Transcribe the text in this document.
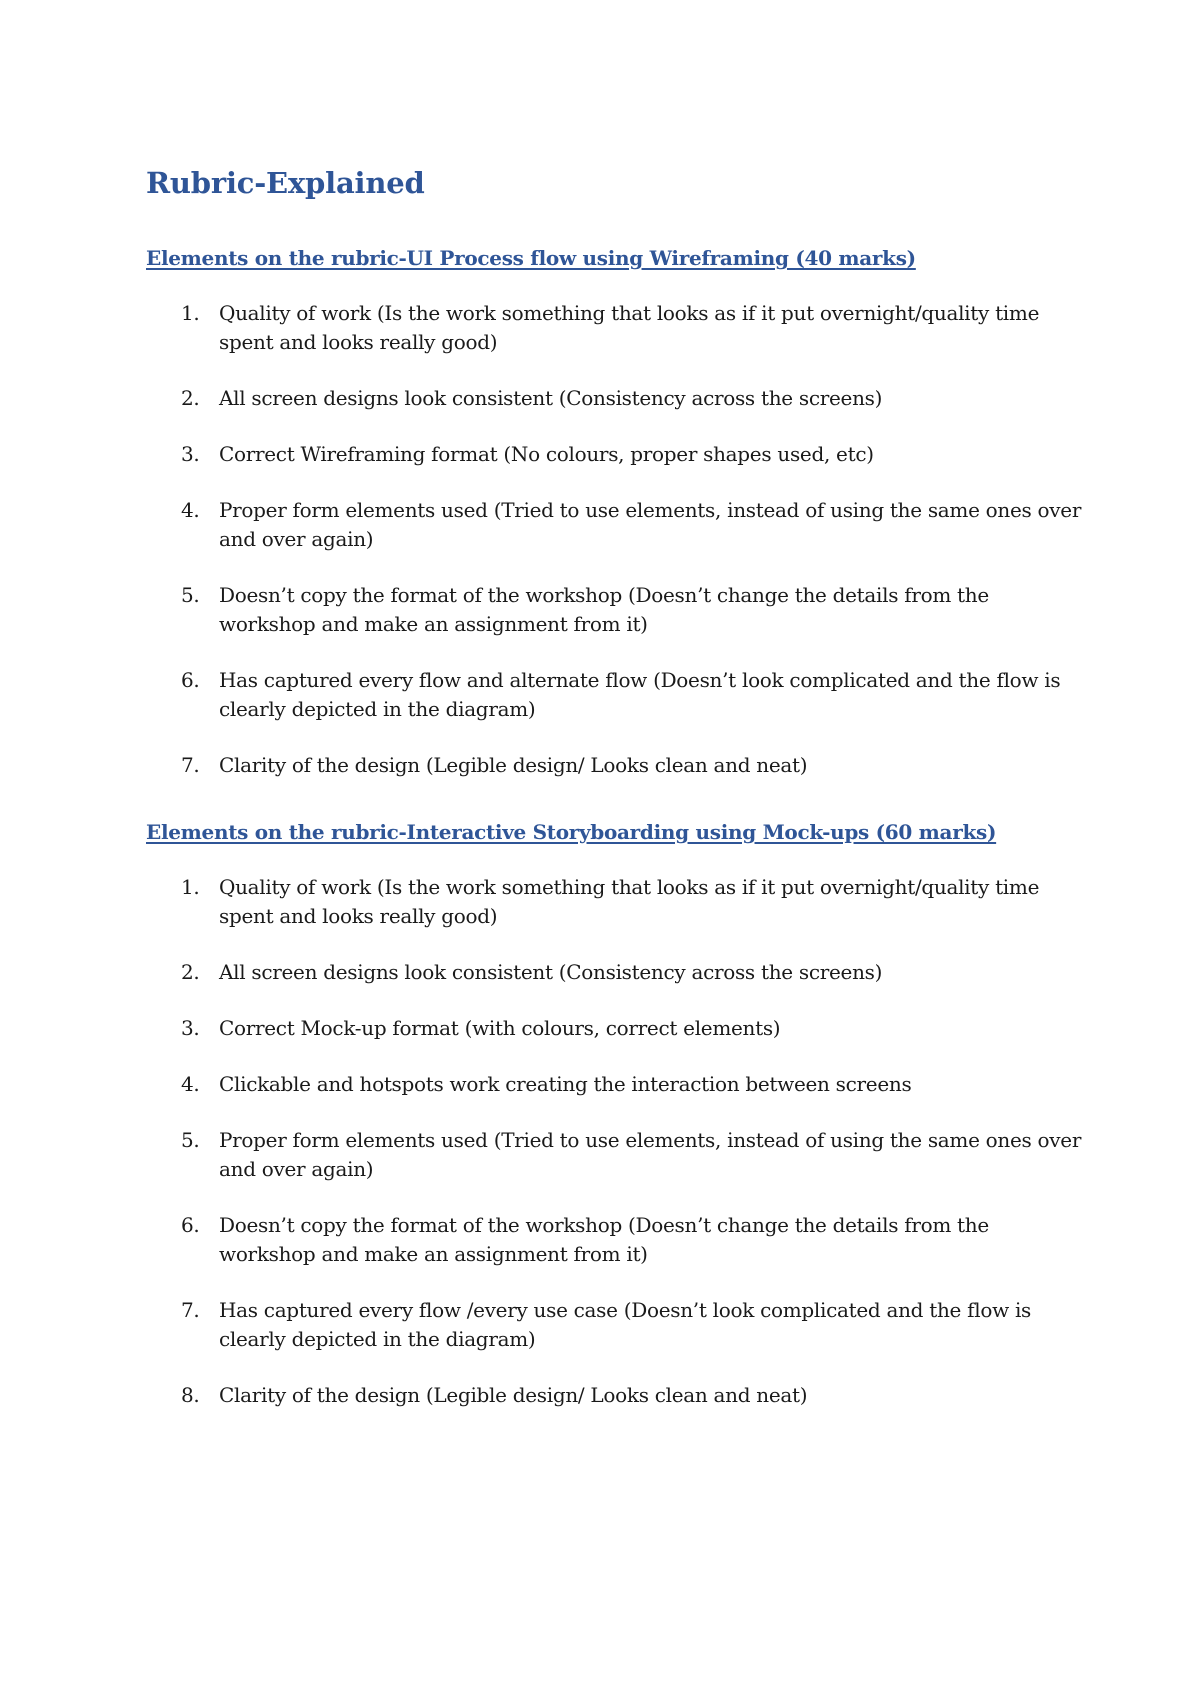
Rubric-Explained
Elements on the rubric-UI Process flow using Wireframing (40 marks)
1. Quality of work (Is the work something that looks as if it put overnight/quality time spent and looks really good)
2. All screen designs look consistent (Consistency across the screens)
3. Correct Wireframing format (No colours, proper shapes used, etc)
4. Proper form elements used (Tried to use elements, instead of using the same ones over and over again)
5. Doesn’t copy the format of the workshop (Doesn’t change the details from the workshop and make an assignment from it)
6. Has captured every flow and alternate flow (Doesn’t look complicated and the flow is clearly depicted in the diagram)
7. Clarity of the design (Legible design/ Looks clean and neat)
Elements on the rubric-Interactive Storyboarding using Mock-ups (60 marks)
1. Quality of work (Is the work something that looks as if it put overnight/quality time spent and looks really good)
2. All screen designs look consistent (Consistency across the screens)
3. Correct Mock-up format (with colours, correct elements)
4. Clickable and hotspots work creating the interaction between screens
5. Proper form elements used (Tried to use elements, instead of using the same ones over and over again)
6. Doesn’t copy the format of the workshop (Doesn’t change the details from the workshop and make an assignment from it)
7. Has captured every flow /every use case (Doesn’t look complicated and the flow is clearly depicted in the diagram)
8. Clarity of the design (Legible design/ Looks clean and neat)
